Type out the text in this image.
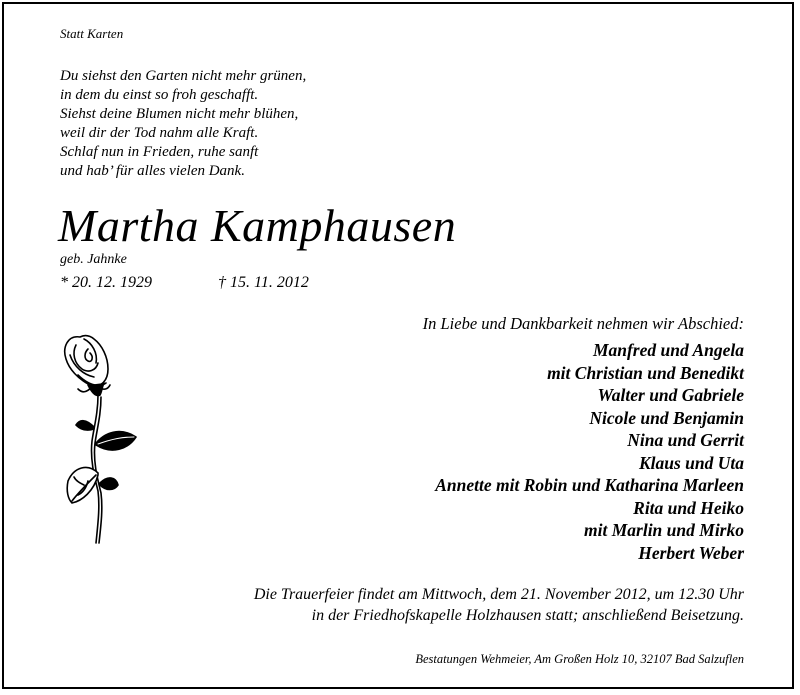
Statt Karten
Du siehst den Garten nicht mehr grünen,
in dem du einst so froh geschafft.
Siehst deine Blumen nicht mehr blühen,
weil dir der Tod nahm alle Kraft.
Schlaf nun in Frieden, ruhe sanft
und hab’ für alles vielen Dank.
Martha Kamphausen
geb. Jahnke
* 20. 12. 1929	† 15. 11. 2012
In Liebe und Dankbarkeit nehmen wir Abschied:
Manfred und Angela
mit Christian und Benedikt
Walter und Gabriele
Nicole und Benjamin
Nina und Gerrit
Klaus und Uta
Annette mit Robin und Katharina Marleen
Rita und Heiko
mit Marlin und Mirko
Herbert Weber
Die Trauerfeier findet am Mittwoch, dem 21. November 2012, um 12.30 Uhr
in der Friedhofskapelle Holzhausen statt; anschließend Beisetzung.
Bestatungen Wehmeier, Am Großen Holz 10, 32107 Bad Salzuflen
